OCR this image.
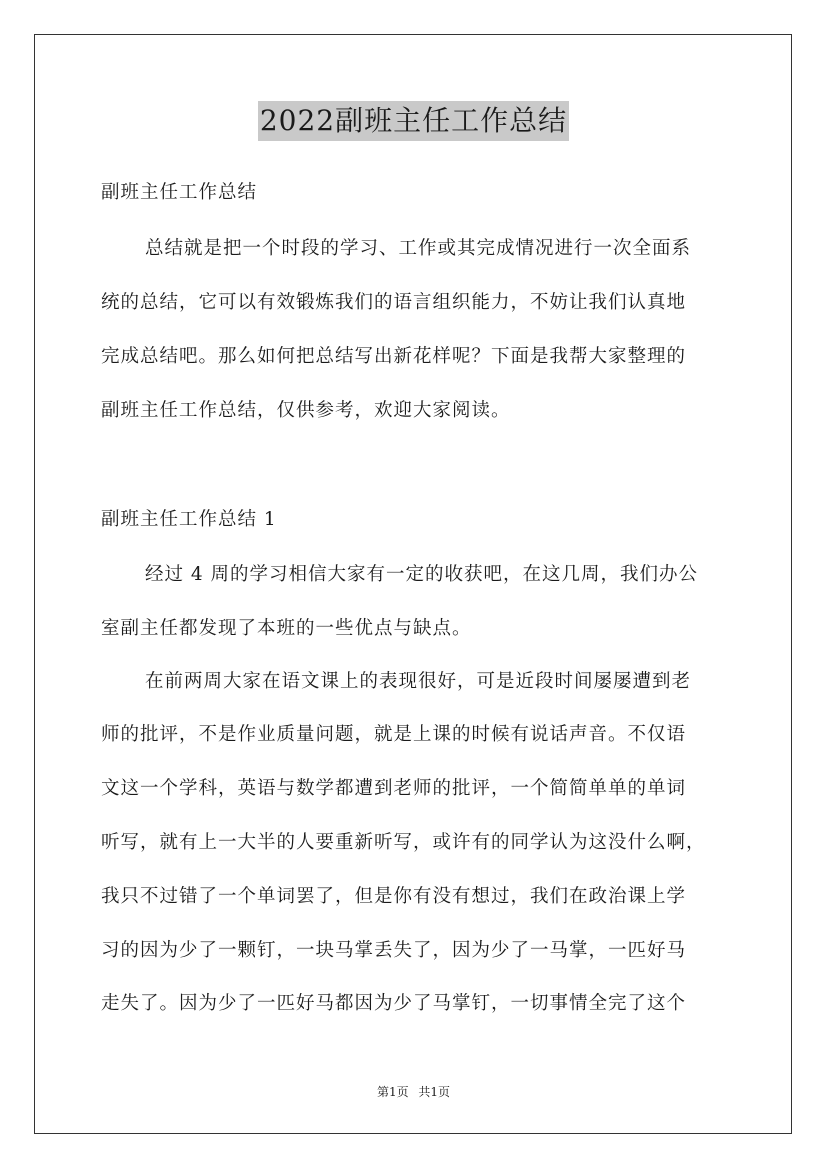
2022副班主任工作总结
副班主任工作总结
总结就是把一个时段的学习、工作或其完成情况进行一次全面系
统的总结，它可以有效锻炼我们的语言组织能力，不妨让我们认真地
完成总结吧。那么如何把总结写出新花样呢？下面是我帮大家整理的
副班主任工作总结，仅供参考，欢迎大家阅读。
副班主任工作总结 1
经过 4 周的学习相信大家有一定的收获吧，在这几周，我们办公
室副主任都发现了本班的一些优点与缺点。
在前两周大家在语文课上的表现很好，可是近段时间屡屡遭到老
师的批评，不是作业质量问题，就是上课的时候有说话声音。不仅语
文这一个学科，英语与数学都遭到老师的批评，一个简简单单的单词
听写，就有上一大半的人要重新听写，或许有的同学认为这没什么啊，
我只不过错了一个单词罢了，但是你有没有想过，我们在政治课上学
习的因为少了一颗钉，一块马掌丢失了，因为少了一马掌，一匹好马
走失了。因为少了一匹好马都因为少了马掌钉，一切事情全完了这个
第1页 共1页
